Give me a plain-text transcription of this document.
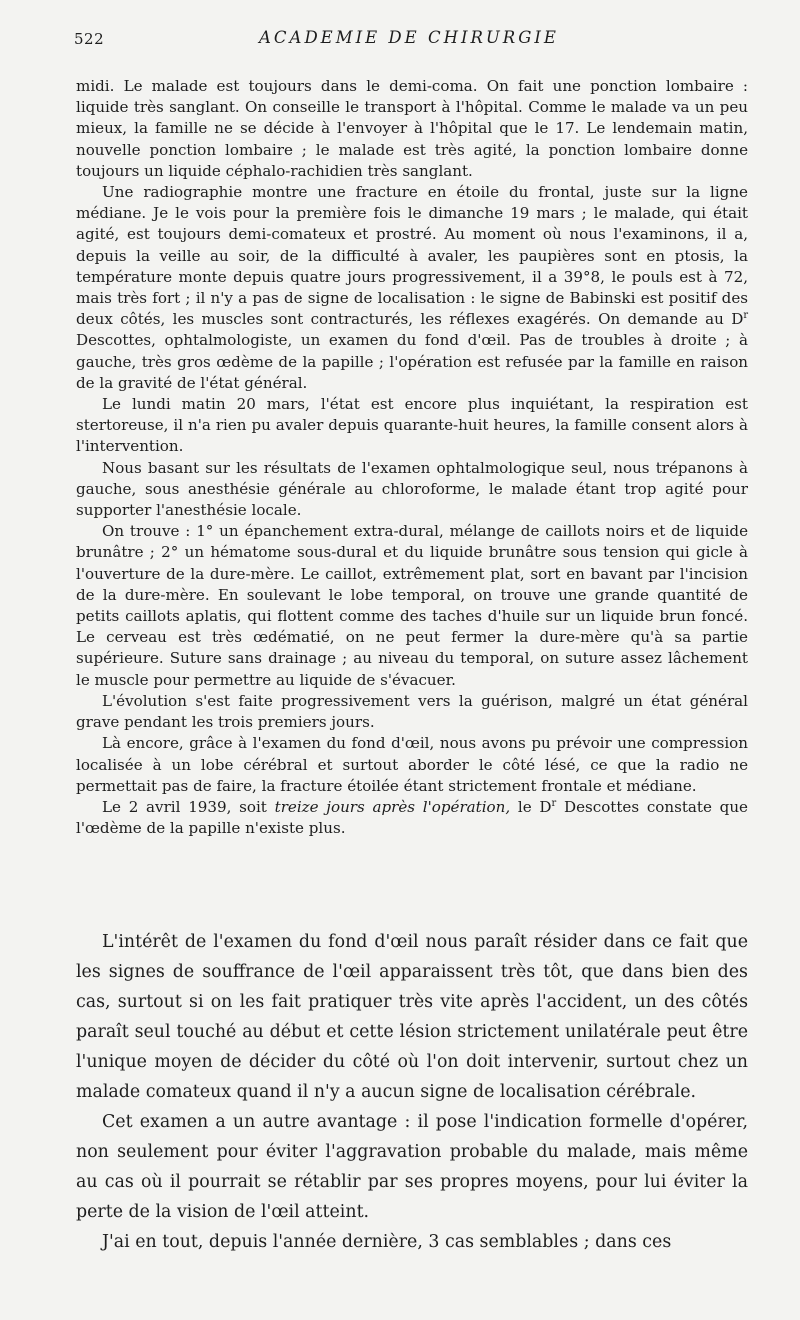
522	ACADEMIE DE CHIRURGIE

midi. Le malade est toujours dans le demi-coma. On fait une ponction lombaire : liquide très sanglant. On conseille le transport à l'hôpital. Comme le malade va un peu mieux, la famille ne se décide à l'envoyer à l'hôpital que le 17. Le lendemain matin, nouvelle ponction lombaire ; le malade est très agité, la ponction lombaire donne toujours un liquide céphalo-rachidien très sanglant.

Une radiographie montre une fracture en étoile du frontal, juste sur la ligne médiane. Je le vois pour la première fois le dimanche 19 mars ; le malade, qui était agité, est toujours demi-comateux et prostré. Au moment où nous l'examinons, il a, depuis la veille au soir, de la difficulté à avaler, les paupières sont en ptosis, la température monte depuis quatre jours progressivement, il a 39°8, le pouls est à 72, mais très fort ; il n'y a pas de signe de localisation : le signe de Babinski est positif des deux côtés, les muscles sont contracturés, les réflexes exagérés. On demande au $D^r$ Descottes, ophtalmologiste, un examen du fond d'œil. Pas de troubles à droite ; à gauche, très gros œdème de la papille ; l'opération est refusée par la famille en raison de la gravité de l'état général.

Le lundi matin 20 mars, l'état est encore plus inquiétant, la respiration est stertoreuse, il n'a rien pu avaler depuis quarante-huit heures, la famille consent alors à l'intervention.

Nous basant sur les résultats de l'examen ophtalmologique seul, nous trépanons à gauche, sous anesthésie générale au chloroforme, le malade étant trop agité pour supporter l'anesthésie locale.

On trouve : 1° un épanchement extra-dural, mélange de caillots noirs et de liquide brunâtre ; 2° un hématome sous-dural et du liquide brunâtre sous tension qui gicle à l'ouverture de la dure-mère. Le caillot, extrêmement plat, sort en bavant par l'incision de la dure-mère. En soulevant le lobe temporal, on trouve une grande quantité de petits caillots aplatis, qui flottent comme des taches d'huile sur un liquide brun foncé. Le cerveau est très œdématié, on ne peut fermer la dure-mère qu'à sa partie supérieure. Suture sans drainage ; au niveau du temporal, on suture assez lâchement le muscle pour permettre au liquide de s'évacuer.

L'évolution s'est faite progressivement vers la guérison, malgré un état général grave pendant les trois premiers jours.

Là encore, grâce à l'examen du fond d'œil, nous avons pu prévoir une compression localisée à un lobe cérébral et surtout aborder le côté lésé, ce que la radio ne permettait pas de faire, la fracture étoilée étant strictement frontale et médiane.

Le 2 avril 1939, soit treize jours après l'opération, le $D^r$ Descottes constate que l'œdème de la papille n'existe plus.

L'intérêt de l'examen du fond d'œil nous paraît résider dans ce fait que les signes de souffrance de l'œil apparaissent très tôt, que dans bien des cas, surtout si on les fait pratiquer très vite après l'accident, un des côtés paraît seul touché au début et cette lésion strictement unilatérale peut être l'unique moyen de décider du côté où l'on doit intervenir, surtout chez un malade comateux quand il n'y a aucun signe de localisation cérébrale.

Cet examen a un autre avantage : il pose l'indication formelle d'opérer, non seulement pour éviter l'aggravation probable du malade, mais même au cas où il pourrait se rétablir par ses propres moyens, pour lui éviter la perte de la vision de l'œil atteint.

J'ai en tout, depuis l'année dernière, 3 cas semblables ; dans ces
